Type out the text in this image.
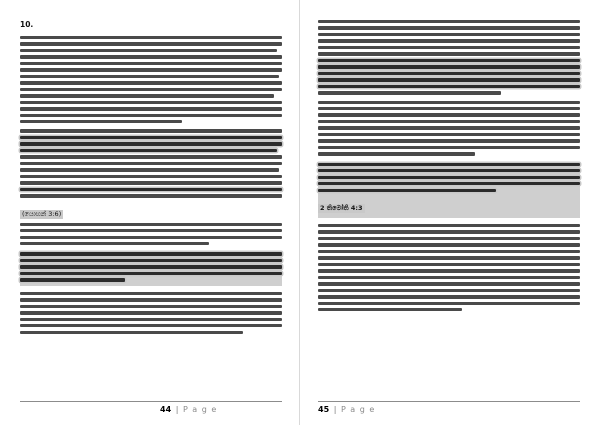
10.
(යොහන් 3:6)
44 | P a g e
2 තිමෝති 4:3
45 | P a g e
